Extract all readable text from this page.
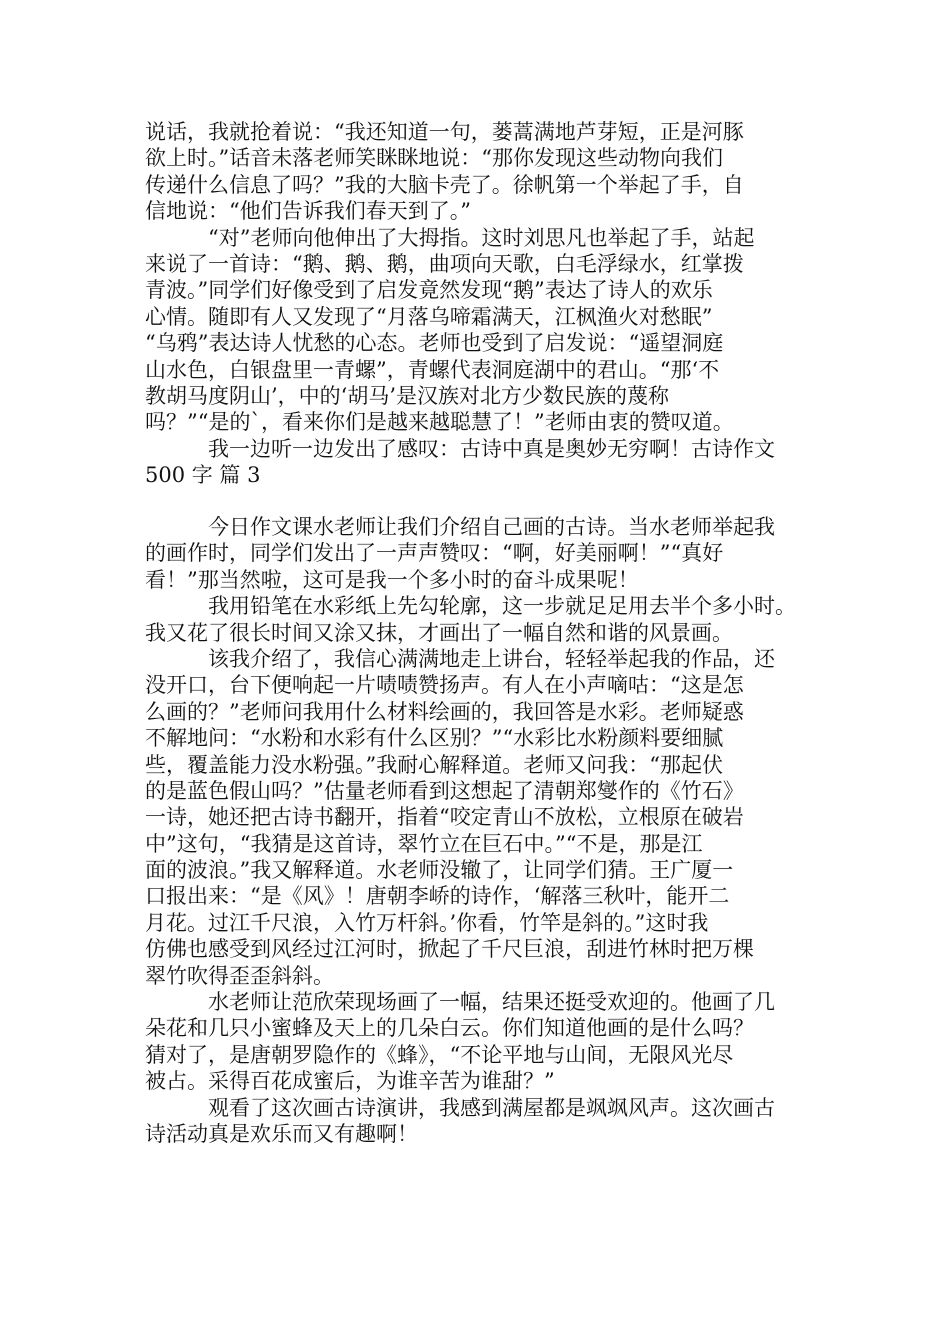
说话，我就抢着说：“我还知道一句，蒌蒿满地芦芽短，正是河豚
欲上时。”话音未落老师笑眯眯地说：“那你发现这些动物向我们
传递什么信息了吗？”我的大脑卡壳了。徐帆第一个举起了手，自
信地说：“他们告诉我们春天到了。”
　　　“对”老师向他伸出了大拇指。这时刘思凡也举起了手，站起
来说了一首诗：“鹅、鹅、鹅，曲项向天歌，白毛浮绿水，红掌拨
青波。”同学们好像受到了启发竟然发现“鹅”表达了诗人的欢乐
心情。随即有人又发现了“月落乌啼霜满天，江枫渔火对愁眠”
“乌鸦”表达诗人忧愁的心态。老师也受到了启发说：“遥望洞庭
山水色，白银盘里一青螺”，青螺代表洞庭湖中的君山。“那‘不
教胡马度阴山’，中的‘胡马’是汉族对北方少数民族的蔑称
吗？”“是的`，看来你们是越来越聪慧了！”老师由衷的赞叹道。
　　　我一边听一边发出了感叹：古诗中真是奥妙无穷啊！古诗作文
500 字 篇 3
　　　今日作文课水老师让我们介绍自己画的古诗。当水老师举起我
的画作时，同学们发出了一声声赞叹：“啊，好美丽啊！”“真好
看！”那当然啦，这可是我一个多小时的奋斗成果呢！
　　　我用铅笔在水彩纸上先勾轮廓，这一步就足足用去半个多小时。
我又花了很长时间又涂又抹，才画出了一幅自然和谐的风景画。
　　　该我介绍了，我信心满满地走上讲台，轻轻举起我的作品，还
没开口，台下便响起一片啧啧赞扬声。有人在小声嘀咕：“这是怎
么画的？”老师问我用什么材料绘画的，我回答是水彩。老师疑惑
不解地问：“水粉和水彩有什么区别？”“水彩比水粉颜料要细腻
些，覆盖能力没水粉强。”我耐心解释道。老师又问我：“那起伏
的是蓝色假山吗？”估量老师看到这想起了清朝郑燮作的《竹石》
一诗，她还把古诗书翻开，指着“咬定青山不放松，立根原在破岩
中”这句，“我猜是这首诗，翠竹立在巨石中。”“不是，那是江
面的波浪。”我又解释道。水老师没辙了，让同学们猜。王广厦一
口报出来：“是《风》！唐朝李峤的诗作，‘解落三秋叶，能开二
月花。过江千尺浪，入竹万杆斜。’你看，竹竿是斜的。”这时我
仿佛也感受到风经过江河时，掀起了千尺巨浪，刮进竹林时把万棵
翠竹吹得歪歪斜斜。
　　　水老师让范欣荣现场画了一幅，结果还挺受欢迎的。他画了几
朵花和几只小蜜蜂及天上的几朵白云。你们知道他画的是什么吗？
猜对了，是唐朝罗隐作的《蜂》，“不论平地与山间，无限风光尽
被占。采得百花成蜜后，为谁辛苦为谁甜？”
　　　观看了这次画古诗演讲，我感到满屋都是飒飒风声。这次画古
诗活动真是欢乐而又有趣啊！
